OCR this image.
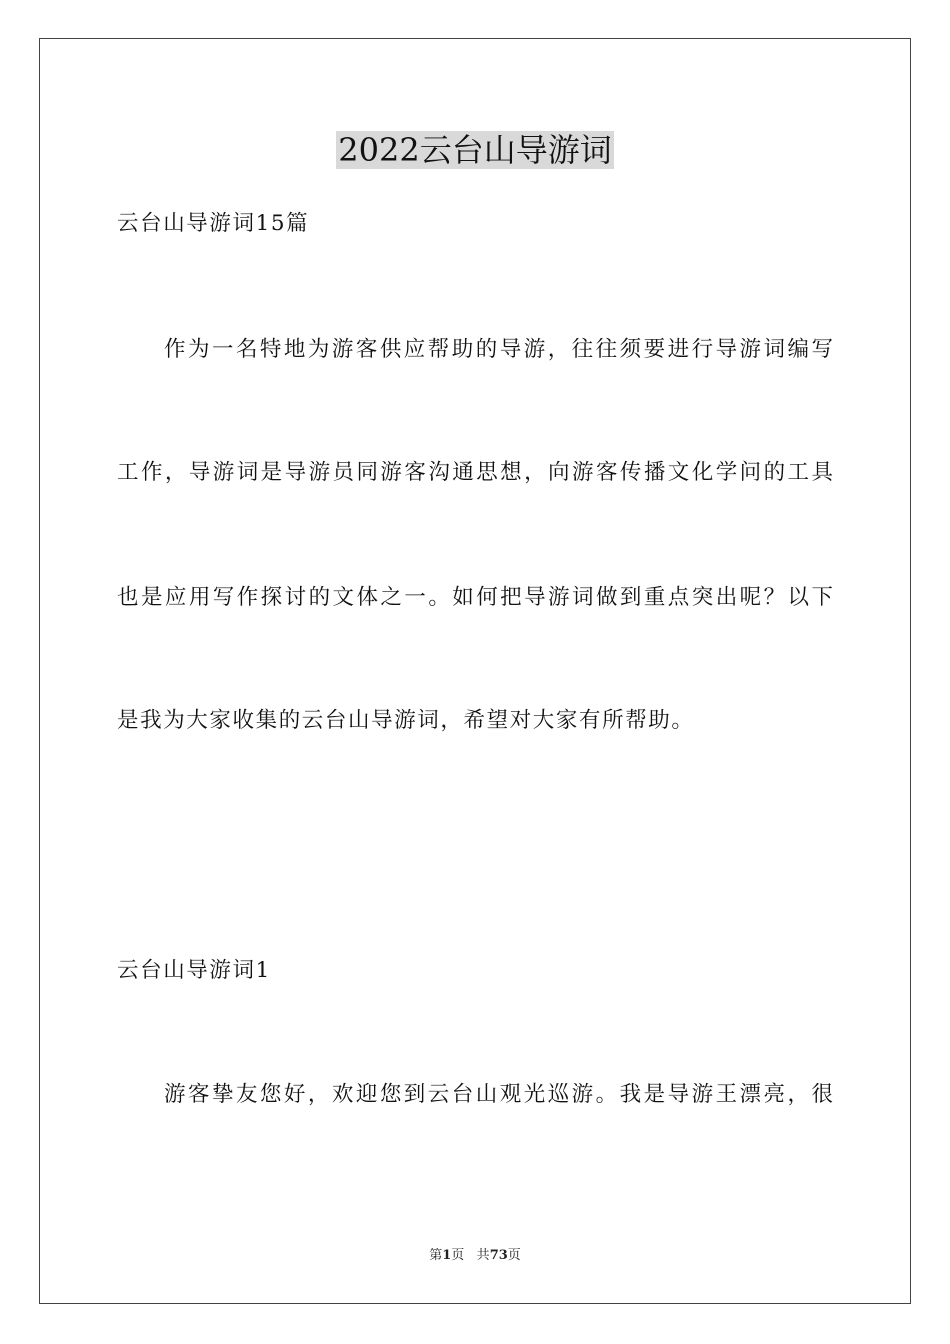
2022云台山导游词
云台山导游词15篇
作为一名特地为游客供应帮助的导游，往往须要进行导游词编写
工作，导游词是导游员同游客沟通思想，向游客传播文化学问的工具
也是应用写作探讨的文体之一。如何把导游词做到重点突出呢？以下
是我为大家收集的云台山导游词，希望对大家有所帮助。
云台山导游词1
游客挚友您好，欢迎您到云台山观光巡游。我是导游王漂亮，很
第1页 共73页
